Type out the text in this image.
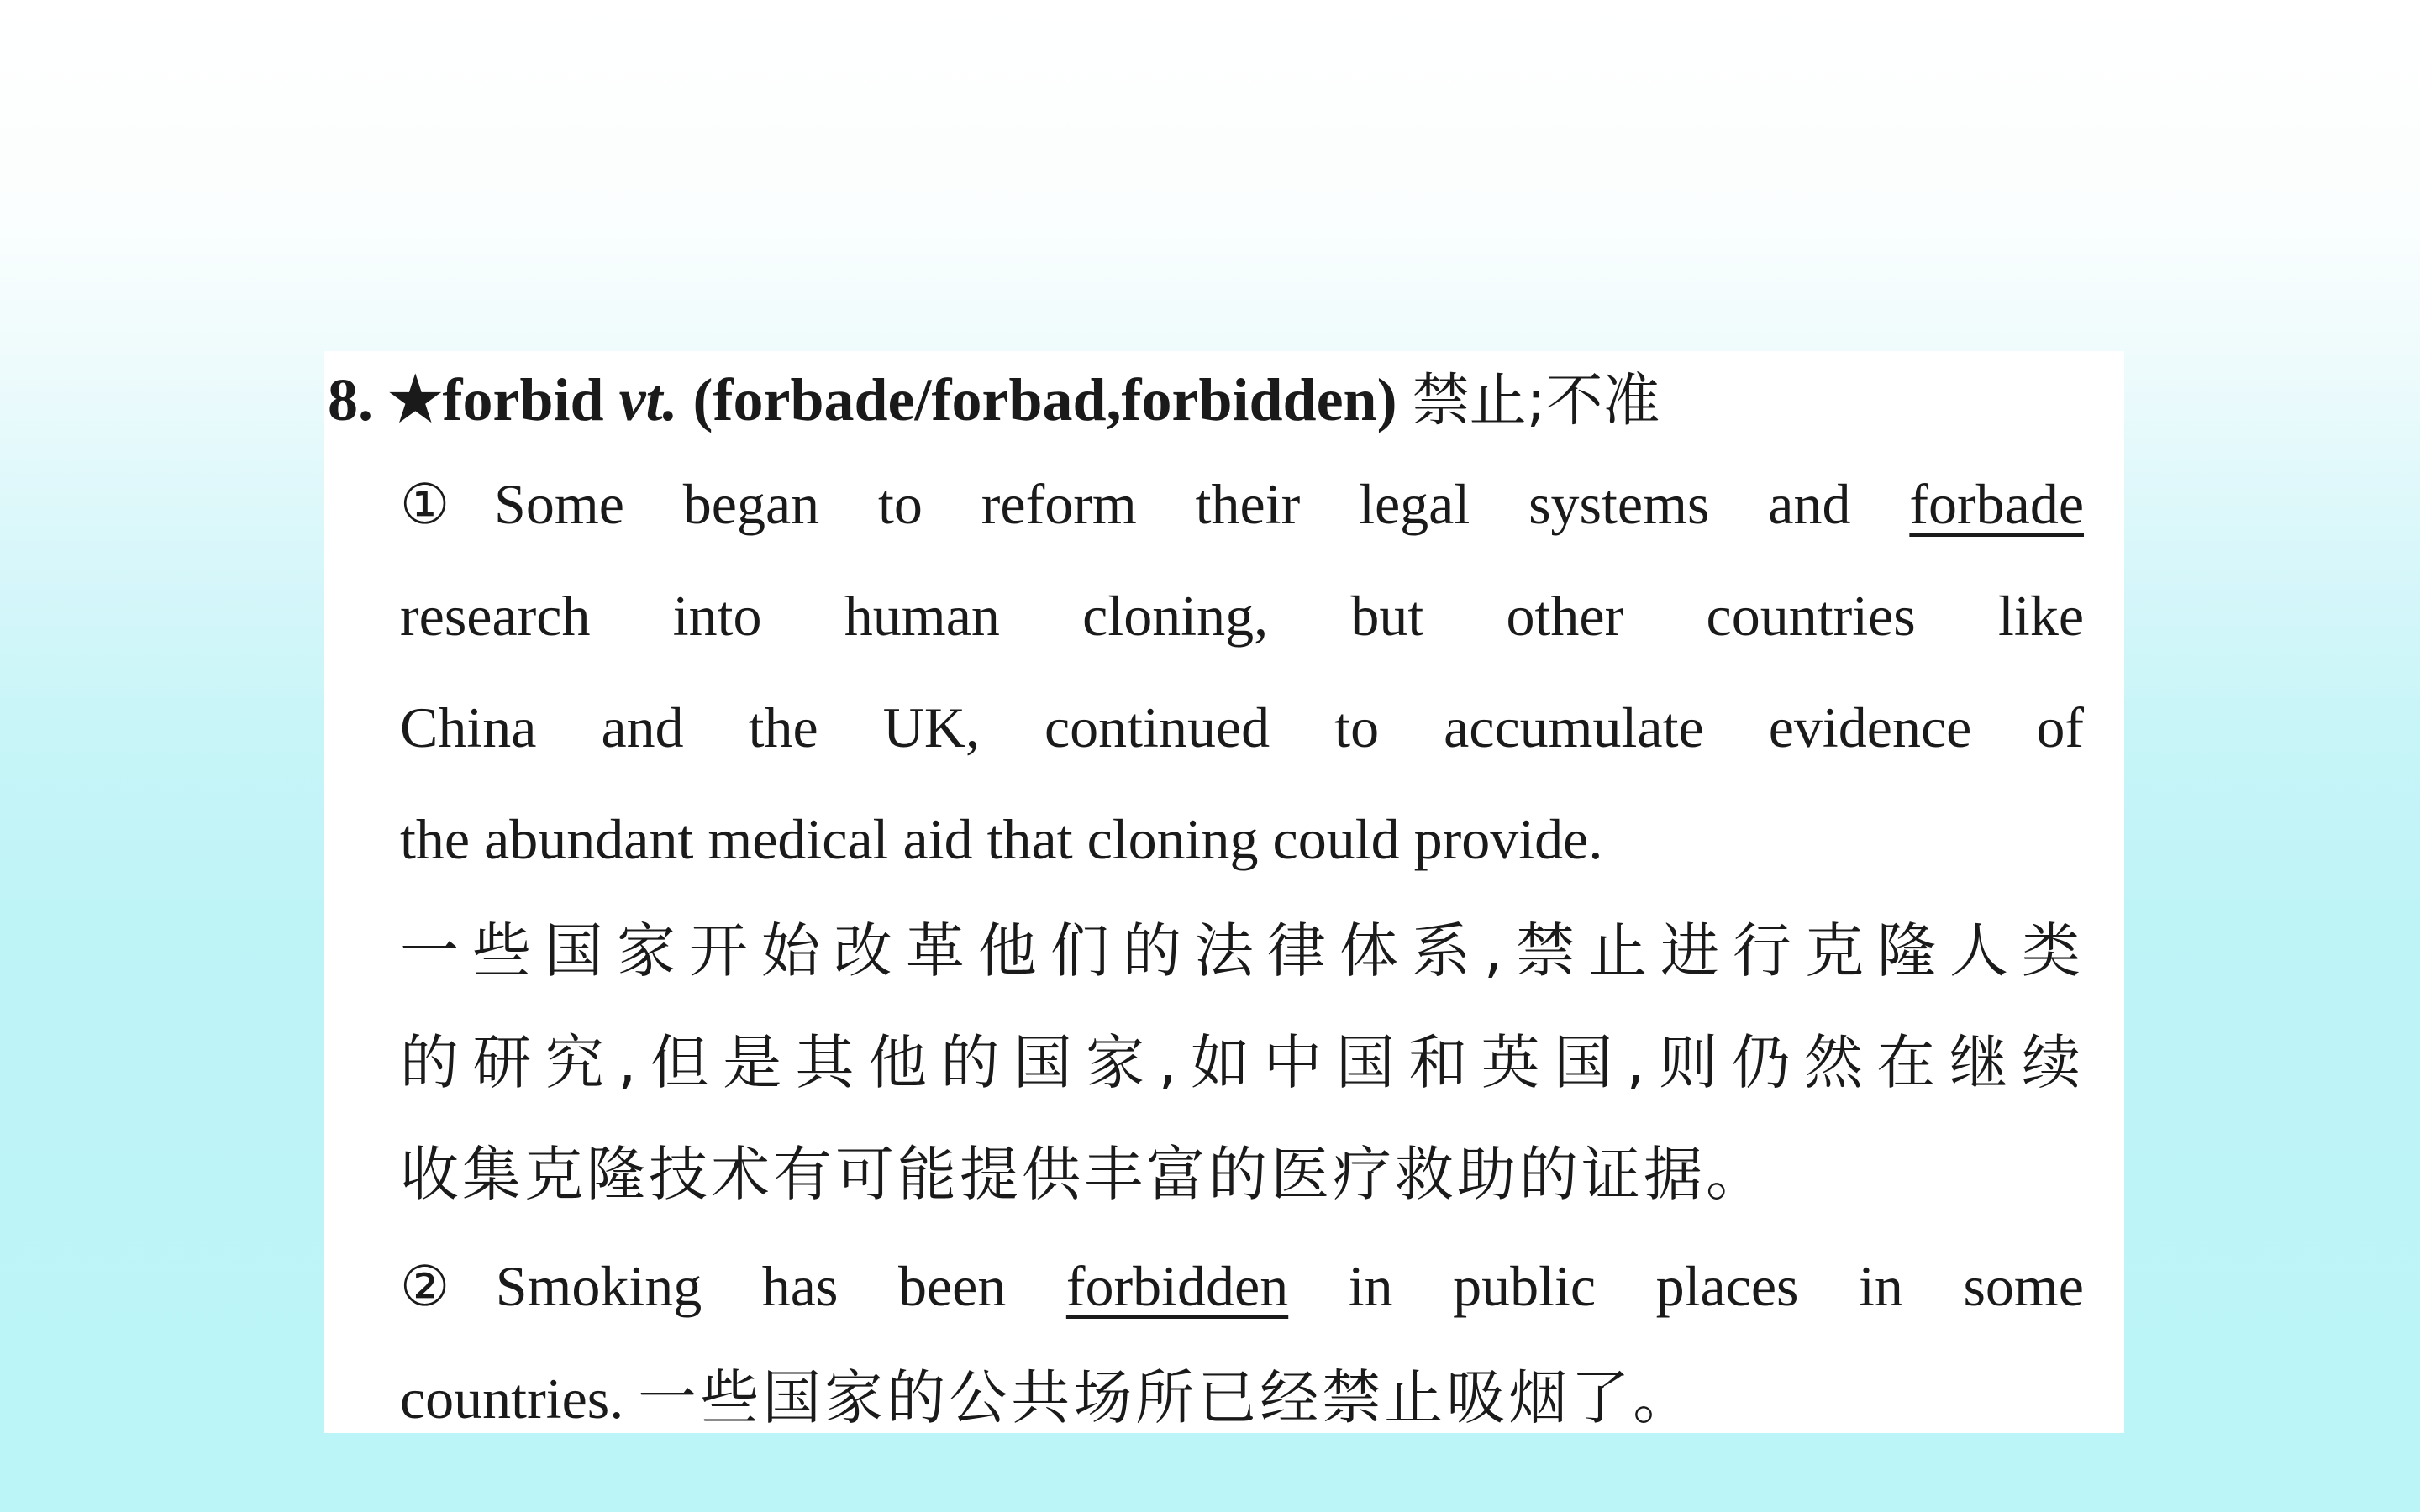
8. ★forbid vt. (forbade/forbad,forbidden) 禁止;不准
①Some began to reform their legal systems and forbade
research into human cloning, but other countries like
China and the UK, continued to accumulate evidence of
the abundant medical aid that cloning could provide.
一些国家开始改革他们的法律体系,禁止进行克隆人类
的研究,但是其他的国家,如中国和英国,则仍然在继续
收集克隆技术有可能提供丰富的医疗救助的证据。
②Smoking has been forbidden in public places in some
countries. 一些国家的公共场所已经禁止吸烟了。
